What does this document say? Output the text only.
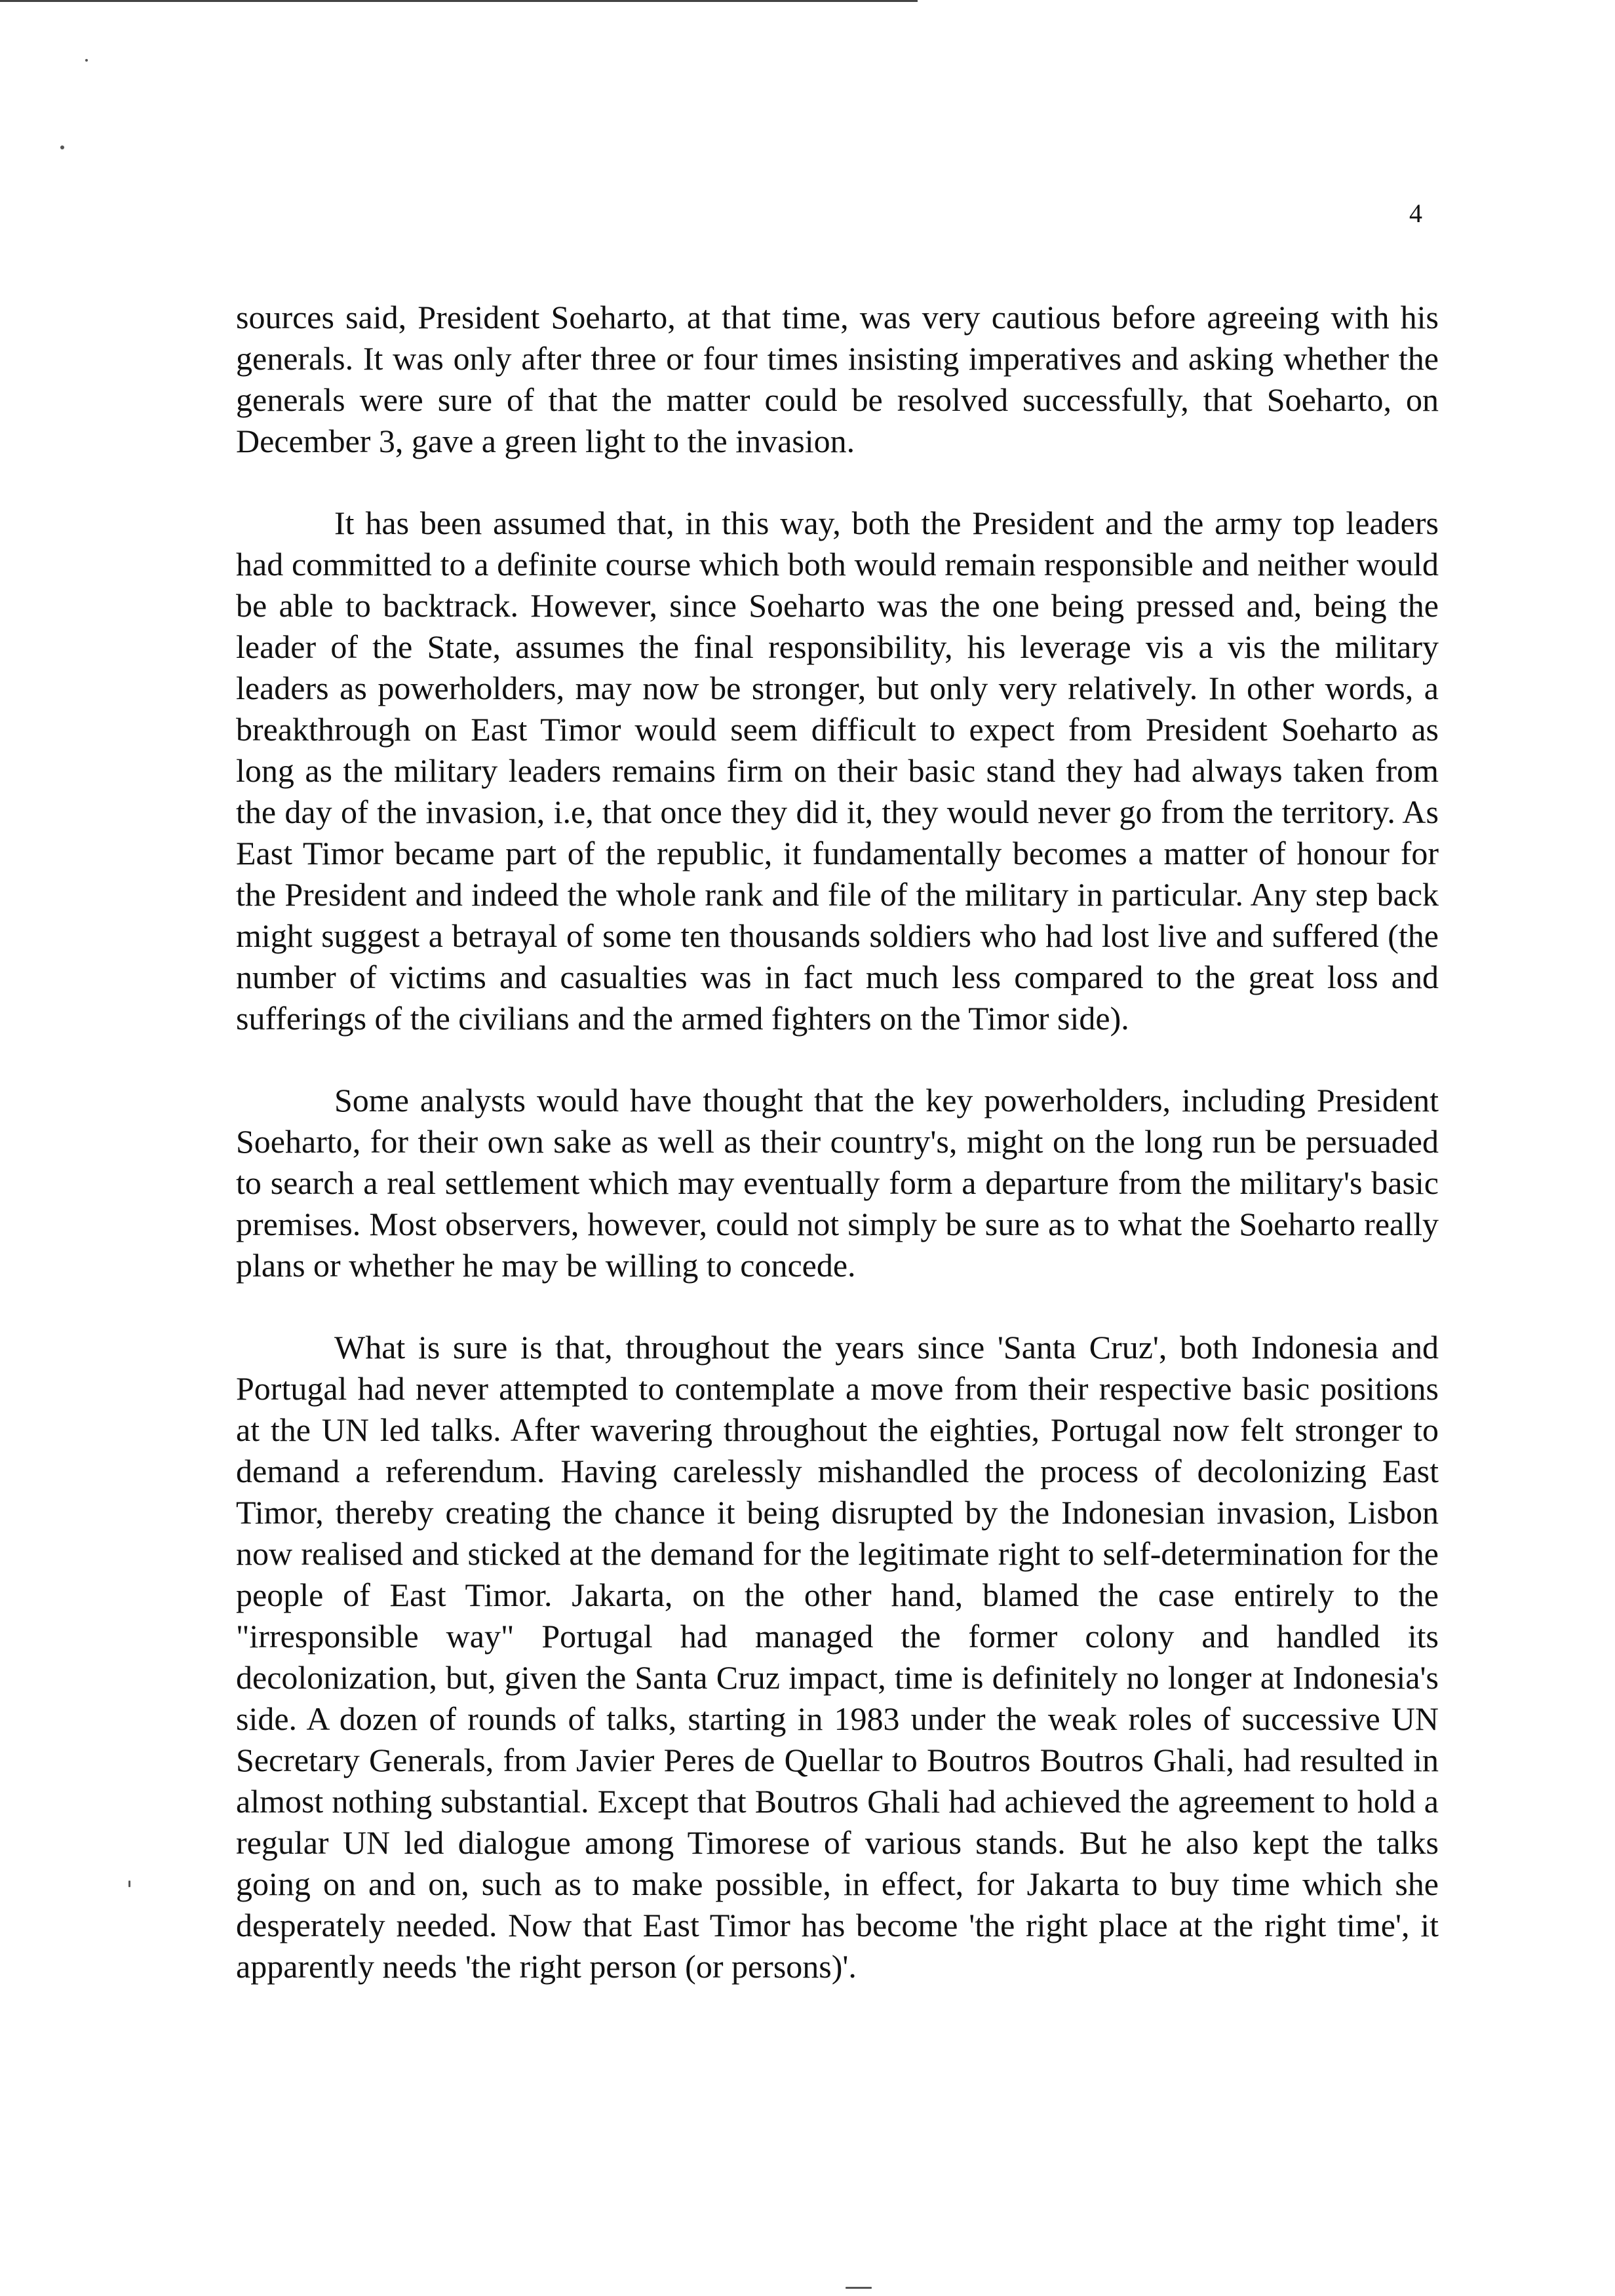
4

sources said, President Soeharto, at that time, was very cautious before agreeing with his generals. It was only after three or four times insisting imperatives and asking whether the generals were sure of that the matter could be resolved successfully, that Soeharto, on December 3, gave a green light to the invasion.

It has been assumed that, in this way, both the President and the army top leaders had committed to a definite course which both would remain responsible and neither would be able to backtrack. However, since Soeharto was the one being pressed and, being the leader of the State, assumes the final responsibility, his leverage vis a vis the military leaders as powerholders, may now be stronger, but only very relatively. In other words, a breakthrough on East Timor would seem difficult to expect from President Soeharto as long as the military leaders remains firm on their basic stand they had always taken from the day of the invasion, i.e, that once they did it, they would never go from the territory. As East Timor became part of the republic, it fundamentally becomes a matter of honour for the President and indeed the whole rank and file of the military in particular. Any step back might suggest a betrayal of some ten thousands soldiers who had lost live and suffered (the number of victims and casualties was in fact much less compared to the great loss and sufferings of the civilians and the armed fighters on the Timor side).

Some analysts would have thought that the key powerholders, including President Soeharto, for their own sake as well as their country's, might on the long run be persuaded to search a real settlement which may eventually form a departure from the military's basic premises. Most observers, however, could not simply be sure as to what the Soeharto really plans or whether he may be willing to concede.

What is sure is that, throughout the years since 'Santa Cruz', both Indonesia and Portugal had never attempted to contemplate a move from their respective basic positions at the UN led talks. After wavering throughout the eighties, Portugal now felt stronger to demand a referendum. Having carelessly mishandled the process of decolonizing East Timor, thereby creating the chance it being disrupted by the Indonesian invasion, Lisbon now realised and sticked at the demand for the legitimate right to self-determination for the people of East Timor. Jakarta, on the other hand, blamed the case entirely to the "irresponsible way" Portugal had managed the former colony and handled its decolonization, but, given the Santa Cruz impact, time is definitely no longer at Indonesia's side. A dozen of rounds of talks, starting in 1983 under the weak roles of successive UN Secretary Generals, from Javier Peres de Quellar to Boutros Boutros Ghali, had resulted in almost nothing substantial. Except that Boutros Ghali had achieved the agreement to hold a regular UN led dialogue among Timorese of various stands. But he also kept the talks going on and on, such as to make possible, in effect, for Jakarta to buy time which she desperately needed. Now that East Timor has become 'the right place at the right time', it apparently needs 'the right person (or persons)'.
